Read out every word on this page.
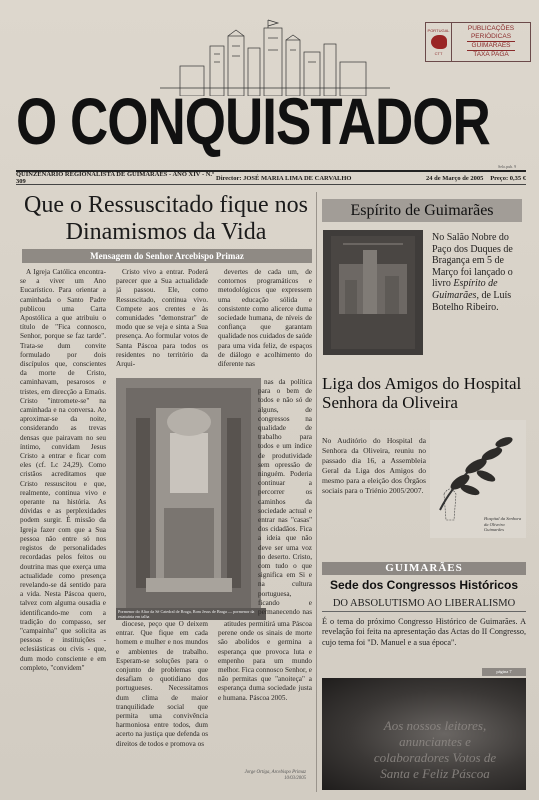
O CONQUISTADOR
PORTUGAL
CTT
PUBLICAÇÕES
PERIÓDICAS
GUIMARÃES
TAXA PAGA
Selo.pub. 9
QUINZENÁRIO REGIONALISTA DE GUIMARÃES - ANO XIV - N.º 309	Director: JOSÉ MARIA LIMA DE CARVALHO	24 de Março de 2005	Preço: 0,35 €
Que o Ressuscitado fique nos Dinamismos da Vida
Mensagem do Senhor Arcebispo Primaz

A Igreja Católica encontra-se a viver um Ano Eucarístico. Para orientar a caminhada o Santo Padre publicou uma Carta Apostólica a que atribuiu o título de "Fica connosco, Senhor, porque se faz tarde". Trata-se dum convite formulado por dois discípulos que, conscientes da morte de Cristo, caminhavam, pesarosos e tristes, em direcção a Emaús. Cristo "intromete-se" na caminhada e na conversa. Ao aproximar-se da noite, considerando as trevas densas que pairavam no seu íntimo, convidam Jesus Cristo a entrar e ficar com eles (cf. Lc 24,29). Como cristãos acreditamos que Cristo ressuscitou e que, realmente, continua vivo e operante na história. As dúvidas e as perplexidades podem surgir. É missão da Igreja fazer com que a Sua pessoa não entre só nos registos de personalidades recordadas pelos feitos ou doutrina mas que exerça uma actualidade como presença revelando-se dá sentido para a vida. Nesta Páscoa quero, talvez com alguma ousadia e identificando-me com a tradição do compasso, ser "campainha" que solicita as pessoas e instituições - eclesiásticas ou civis - que, dum modo consciente e em completo, "convidem"

Cristo vivo a entrar. Poderá parecer que a Sua actualidade já passou. Ele, como Ressuscitado, continua vivo. Compete aos crentes e às comunidades "demonstrar" de modo que se veja e sinta a Sua presença. Ao formular votos de Santa Páscoa para todos os residentes no território da Arqui-

devertes de cada um, de contornos programáticos e metodológicos que expressem uma educação sólida e consistente como alicerce duma sociedade humana, de níveis de confiança que garantam qualidade nos cuidados de saúde para uma vida feliz, de espaços de diálogo e acolhimento do diferente nas

Pormenor do Altar da Sé Catedral de Braga, Bom Jesus de Braga — pormenor da estatuária em talha

nas da política para o bem de todos e não só de alguns, de congressos na qualidade de trabalho para todos e um índice de produtividade sem opressão de ninguém. Poderia continuar a percorrer os caminhos da sociedade actual e entrar nas "casas" dos cidadãos. Fica a ideia que não deve ser uma voz no deserto. Cristo, com tudo o que significa em Si e na cultura portuguesa, ficando e permanecendo nas

diocese, peço que O deixem entrar. Que fique em cada homem e mulher e nos mundos e ambientes de trabalho. Esperam-se soluções para o conjunto de problemas que desafiam o quotidiano dos portugueses. Necessitamos dum clima de maior tranquilidade social que permita uma convivência harmoniosa entre todos, dum acerto na justiça que defenda os direitos de todos e promova os

atitudes permitirá uma Páscoa perene onde os sinais de morte são abolidos e germina a esperança que provoca luta e empenho para um mundo melhor. Fica connosco Senhor, e não permitas que "anoiteça" a esperança duma sociedade justa e humana. Páscoa 2005.

Jorge Ortiga, Arcebispo Primaz 10/03/2005
Espírito de Guimarães
No Salão Nobre do Paço dos Duques de Bragança em 5 de Março foi lançado o livro Espírito de Guimarães, de Luís Botelho Ribeiro.
Liga dos Amigos do Hospital Senhora da Oliveira
No Auditório do Hospital da Senhora da Oliveira, reuniu no passado dia 16, a Assembleia Geral da Liga dos Amigos do mesmo para a eleição dos Órgãos sociais para o Triénio 2005/2007.
Hospital da Senhora da Oliveira Guimarães
GUIMARÃES
Sede dos Congressos Históricos
DO ABSOLUTISMO AO LIBERALISMO
É o tema do próximo Congresso Histórico de Guimarães. A revelação foi feita na apresentação das Actas do II Congresso, cujo tema foi "D. Manuel e a sua época".
página 7
Aos nossos leitores, anunciantes e colaboradores Votos de Santa e Feliz Páscoa
